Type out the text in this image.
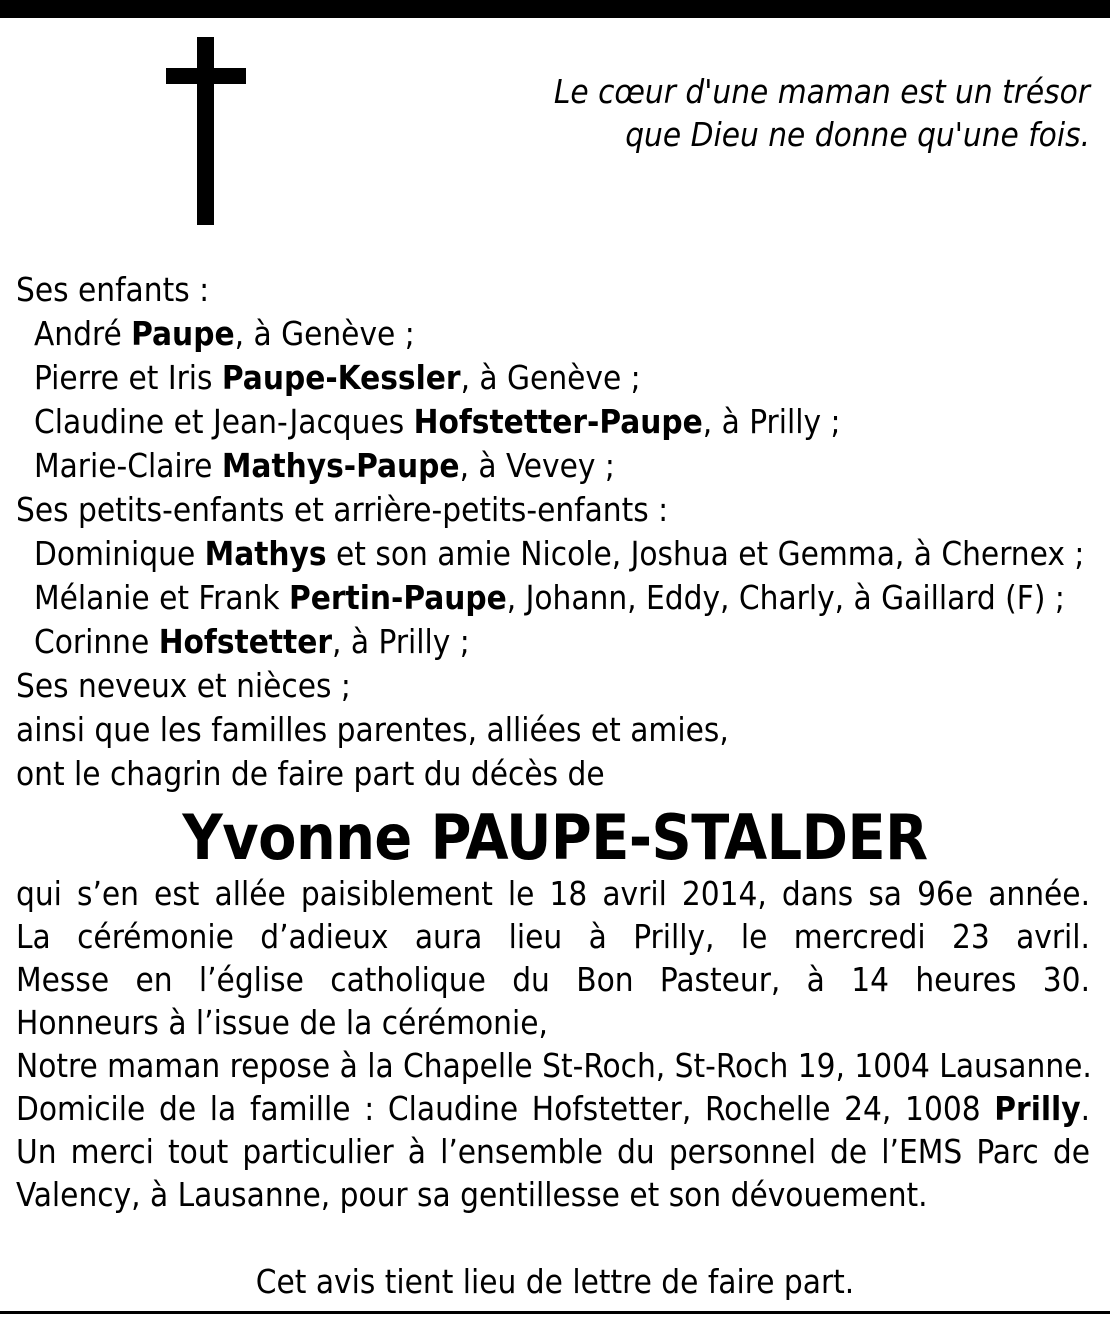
Le cœur d'une maman est un trésor
que Dieu ne donne qu'une fois.
Ses enfants :
André Paupe, à Genève ;
Pierre et Iris Paupe-Kessler, à Genève ;
Claudine et Jean-Jacques Hofstetter-Paupe, à Prilly ;
Marie-Claire Mathys-Paupe, à Vevey ;
Ses petits-enfants et arrière-petits-enfants :
Dominique Mathys et son amie Nicole, Joshua et Gemma, à Chernex ;
Mélanie et Frank Pertin-Paupe, Johann, Eddy, Charly, à Gaillard (F) ;
Corinne Hofstetter, à Prilly ;
Ses neveux et nièces ;
ainsi que les familles parentes, alliées et amies,
ont le chagrin de faire part du décès de
Yvonne PAUPE-STALDER
qui s’en est allée paisiblement le 18 avril 2014, dans sa 96e année.
La cérémonie d’adieux aura lieu à Prilly, le mercredi 23 avril.
Messe en l’église catholique du Bon Pasteur, à 14 heures 30.
Honneurs à l’issue de la cérémonie,
Notre maman repose à la Chapelle St-Roch, St-Roch 19, 1004 Lausanne.
Domicile de la famille : Claudine Hofstetter, Rochelle 24, 1008 Prilly.
Un merci tout particulier à l’ensemble du personnel de l’EMS Parc de
Valency, à Lausanne, pour sa gentillesse et son dévouement.
Cet avis tient lieu de lettre de faire part.
